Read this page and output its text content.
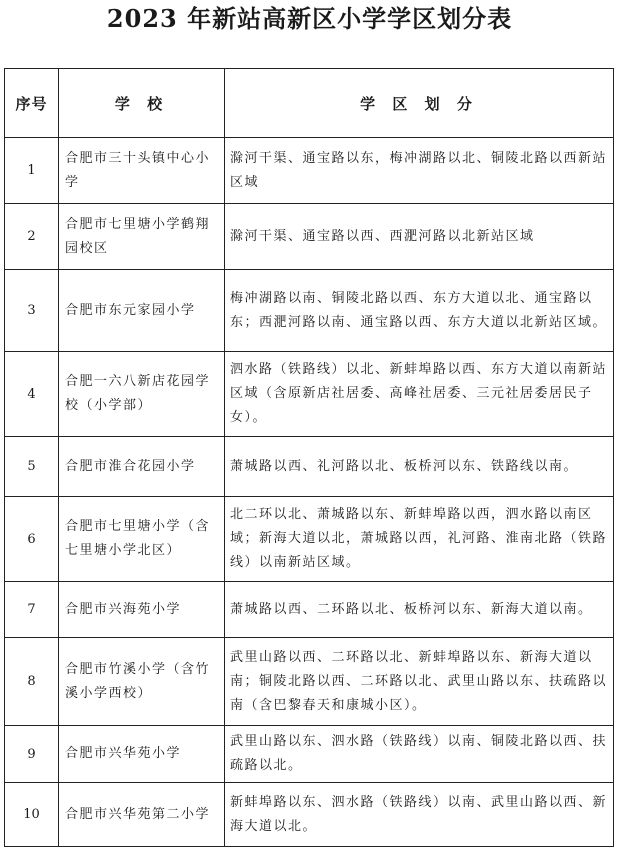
2023 年新站高新区小学学区划分表
序号	学 校	学 区 划 分
1	合肥市三十头镇中心小学	滁河干渠、通宝路以东，梅冲湖路以北、铜陵北路以西新站区域
2	合肥市七里塘小学鹤翔园校区	滁河干渠、通宝路以西、西淝河路以北新站区域
3	合肥市东元家园小学	梅冲湖路以南、铜陵北路以西、东方大道以北、通宝路以东；西淝河路以南、通宝路以西、东方大道以北新站区域。
4	合肥一六八新店花园学校（小学部）	泗水路（铁路线）以北、新蚌埠路以西、东方大道以南新站区域（含原新店社居委、高峰社居委、三元社居委居民子女）。
5	合肥市淮合花园小学	萧城路以西、礼河路以北、板桥河以东、铁路线以南。
6	合肥市七里塘小学（含七里塘小学北区）	北二环以北、萧城路以东、新蚌埠路以西，泗水路以南区域；新海大道以北，萧城路以西，礼河路、淮南北路（铁路线）以南新站区域。
7	合肥市兴海苑小学	萧城路以西、二环路以北、板桥河以东、新海大道以南。
8	合肥市竹溪小学（含竹溪小学西校）	武里山路以西、二环路以北、新蚌埠路以东、新海大道以南；铜陵北路以西、二环路以北、武里山路以东、扶疏路以南（含巴黎春天和康城小区）。
9	合肥市兴华苑小学	武里山路以东、泗水路（铁路线）以南、铜陵北路以西、扶疏路以北。
10	合肥市兴华苑第二小学	新蚌埠路以东、泗水路（铁路线）以南、武里山路以西、新海大道以北。
